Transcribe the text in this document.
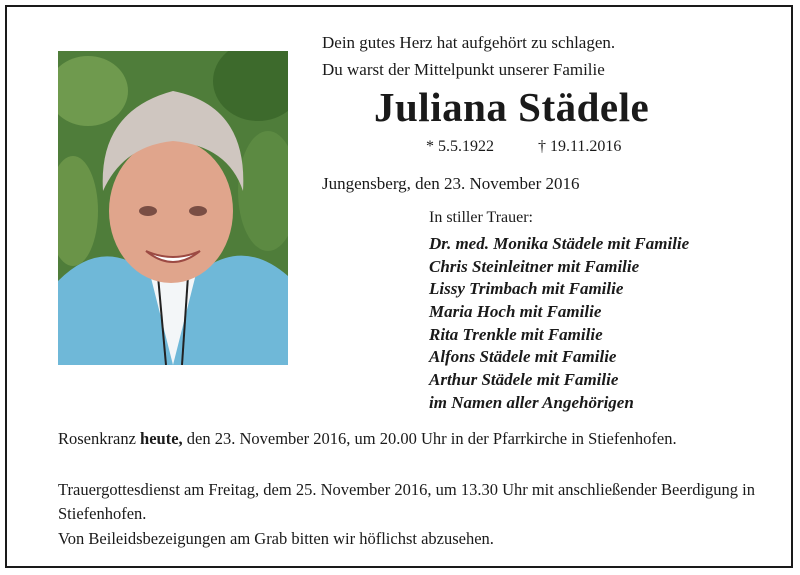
Dein gutes Herz hat aufgehört zu schlagen.
Du warst der Mittelpunkt unserer Familie
Juliana Städele
* 5.5.1922	† 19.11.2016
Jungensberg, den 23. November 2016
In stiller Trauer:
Dr. med. Monika Städele mit Familie
Chris Steinleitner mit Familie
Lissy Trimbach mit Familie
Maria Hoch mit Familie
Rita Trenkle mit Familie
Alfons Städele mit Familie
Arthur Städele mit Familie
im Namen aller Angehörigen
Rosenkranz heute, den 23. November 2016, um 20.00 Uhr in der Pfarrkirche in Stiefenhofen.
Trauergottesdienst am Freitag, dem 25. November 2016, um 13.30 Uhr mit anschließender Beerdigung in Stiefenhofen.
Von Beileidsbezeigungen am Grab bitten wir höflichst abzusehen.
